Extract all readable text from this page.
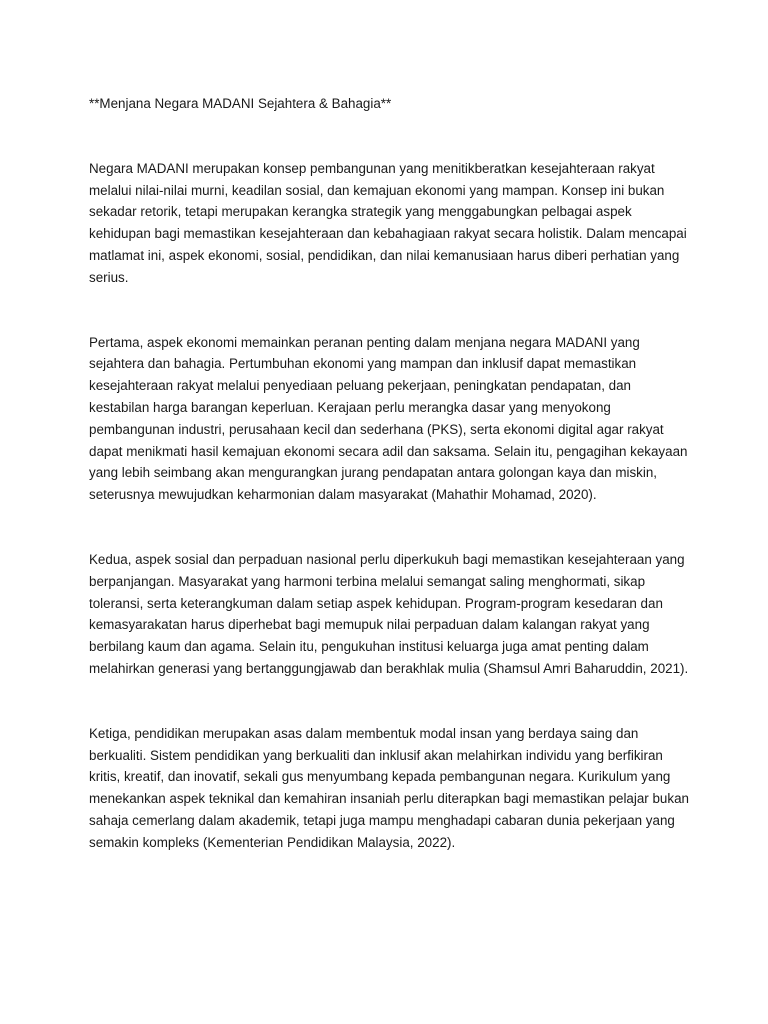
**Menjana Negara MADANI Sejahtera & Bahagia**

Negara MADANI merupakan konsep pembangunan yang menitikberatkan kesejahteraan rakyat melalui nilai-nilai murni, keadilan sosial, dan kemajuan ekonomi yang mampan. Konsep ini bukan sekadar retorik, tetapi merupakan kerangka strategik yang menggabungkan pelbagai aspek kehidupan bagi memastikan kesejahteraan dan kebahagiaan rakyat secara holistik. Dalam mencapai matlamat ini, aspek ekonomi, sosial, pendidikan, dan nilai kemanusiaan harus diberi perhatian yang serius.

Pertama, aspek ekonomi memainkan peranan penting dalam menjana negara MADANI yang sejahtera dan bahagia. Pertumbuhan ekonomi yang mampan dan inklusif dapat memastikan kesejahteraan rakyat melalui penyediaan peluang pekerjaan, peningkatan pendapatan, dan kestabilan harga barangan keperluan. Kerajaan perlu merangka dasar yang menyokong pembangunan industri, perusahaan kecil dan sederhana (PKS), serta ekonomi digital agar rakyat dapat menikmati hasil kemajuan ekonomi secara adil dan saksama. Selain itu, pengagihan kekayaan yang lebih seimbang akan mengurangkan jurang pendapatan antara golongan kaya dan miskin, seterusnya mewujudkan keharmonian dalam masyarakat (Mahathir Mohamad, 2020).

Kedua, aspek sosial dan perpaduan nasional perlu diperkukuh bagi memastikan kesejahteraan yang berpanjangan. Masyarakat yang harmoni terbina melalui semangat saling menghormati, sikap toleransi, serta keterangkuman dalam setiap aspek kehidupan. Program-program kesedaran dan kemasyarakatan harus diperhebat bagi memupuk nilai perpaduan dalam kalangan rakyat yang berbilang kaum dan agama. Selain itu, pengukuhan institusi keluarga juga amat penting dalam melahirkan generasi yang bertanggungjawab dan berakhlak mulia (Shamsul Amri Baharuddin, 2021).

Ketiga, pendidikan merupakan asas dalam membentuk modal insan yang berdaya saing dan berkualiti. Sistem pendidikan yang berkualiti dan inklusif akan melahirkan individu yang berfikiran kritis, kreatif, dan inovatif, sekali gus menyumbang kepada pembangunan negara. Kurikulum yang menekankan aspek teknikal dan kemahiran insaniah perlu diterapkan bagi memastikan pelajar bukan sahaja cemerlang dalam akademik, tetapi juga mampu menghadapi cabaran dunia pekerjaan yang semakin kompleks (Kementerian Pendidikan Malaysia, 2022).
